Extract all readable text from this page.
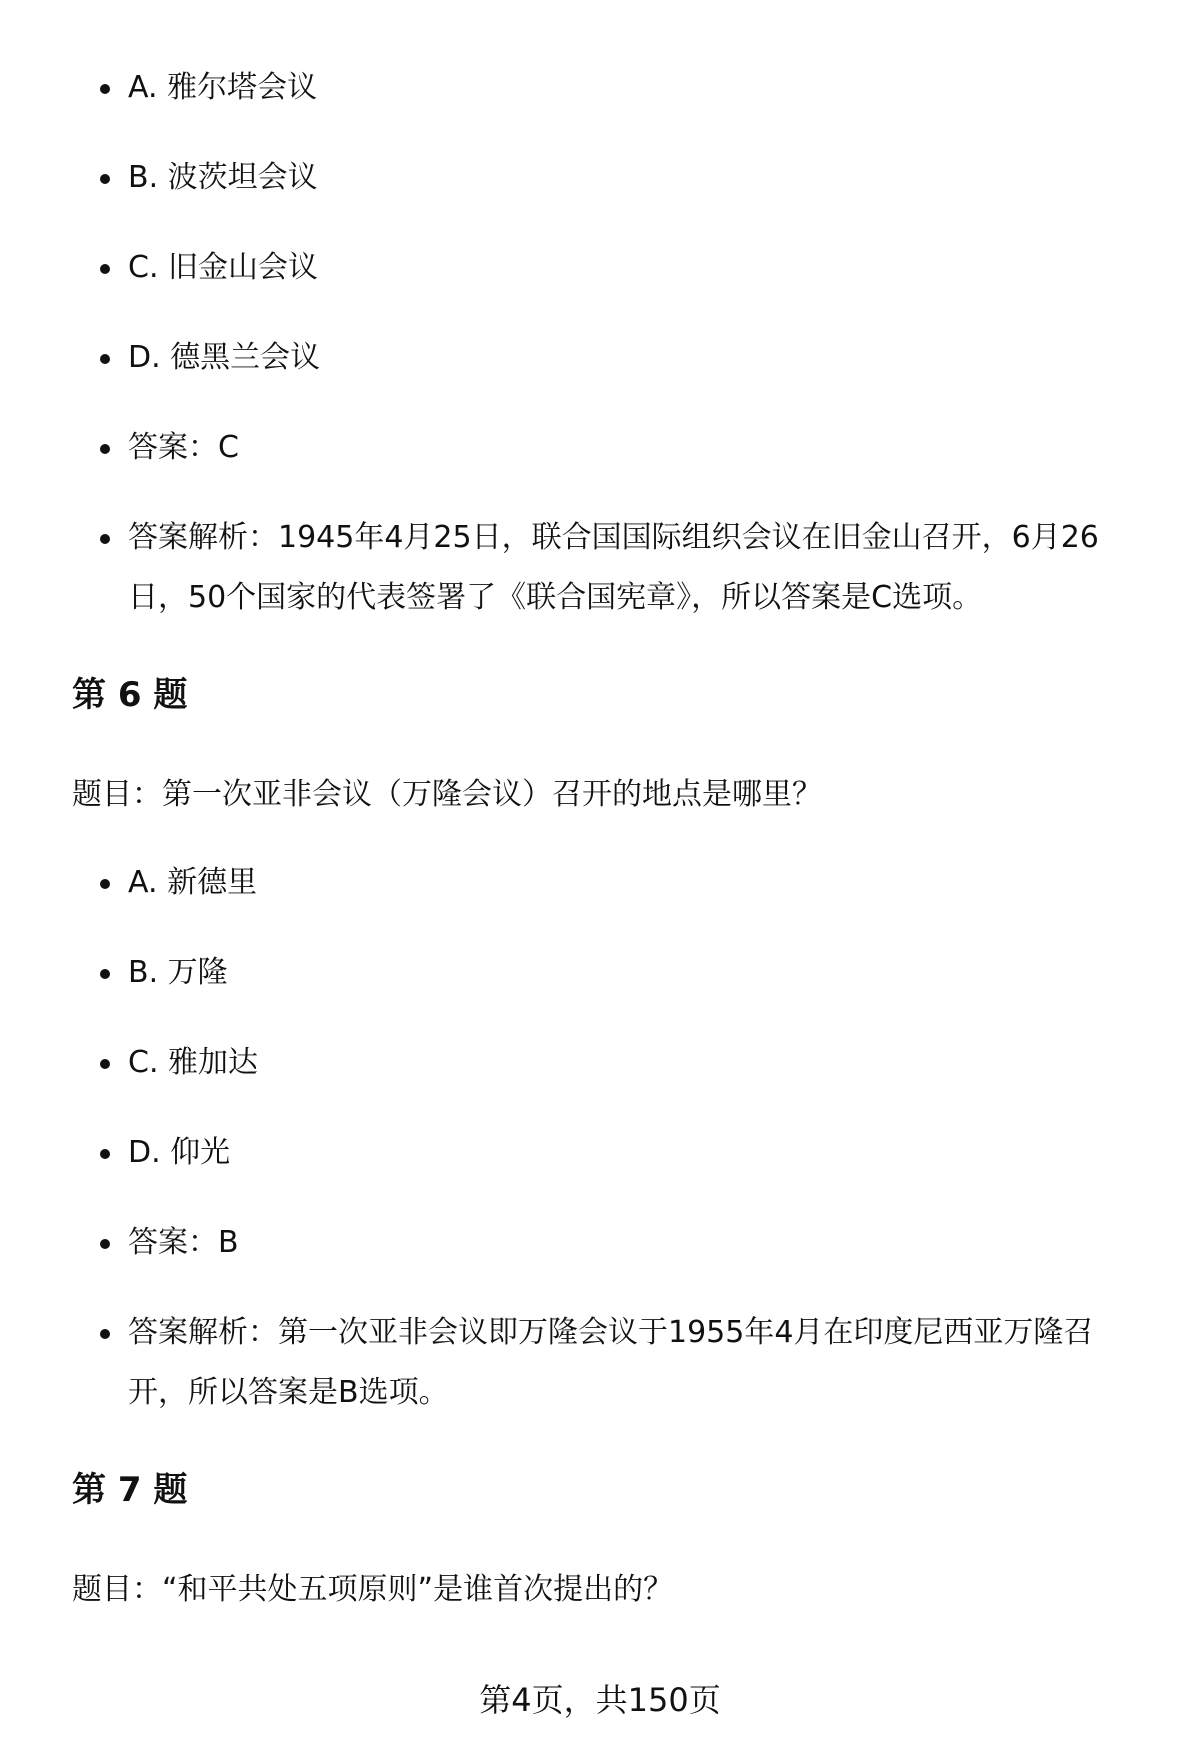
A. 雅尔塔会议
B. 波茨坦会议
C. 旧金山会议
D. 德黑兰会议
答案：C
答案解析：1945年4月25日，联合国国际组织会议在旧金山召开，6月26日，50个国家的代表签署了《联合国宪章》，所以答案是C选项。
第 6 题
题目：第一次亚非会议（万隆会议）召开的地点是哪里？
A. 新德里
B. 万隆
C. 雅加达
D. 仰光
答案：B
答案解析：第一次亚非会议即万隆会议于1955年4月在印度尼西亚万隆召开，所以答案是B选项。
第 7 题
题目：“和平共处五项原则”是谁首次提出的？
第4页，共150页
